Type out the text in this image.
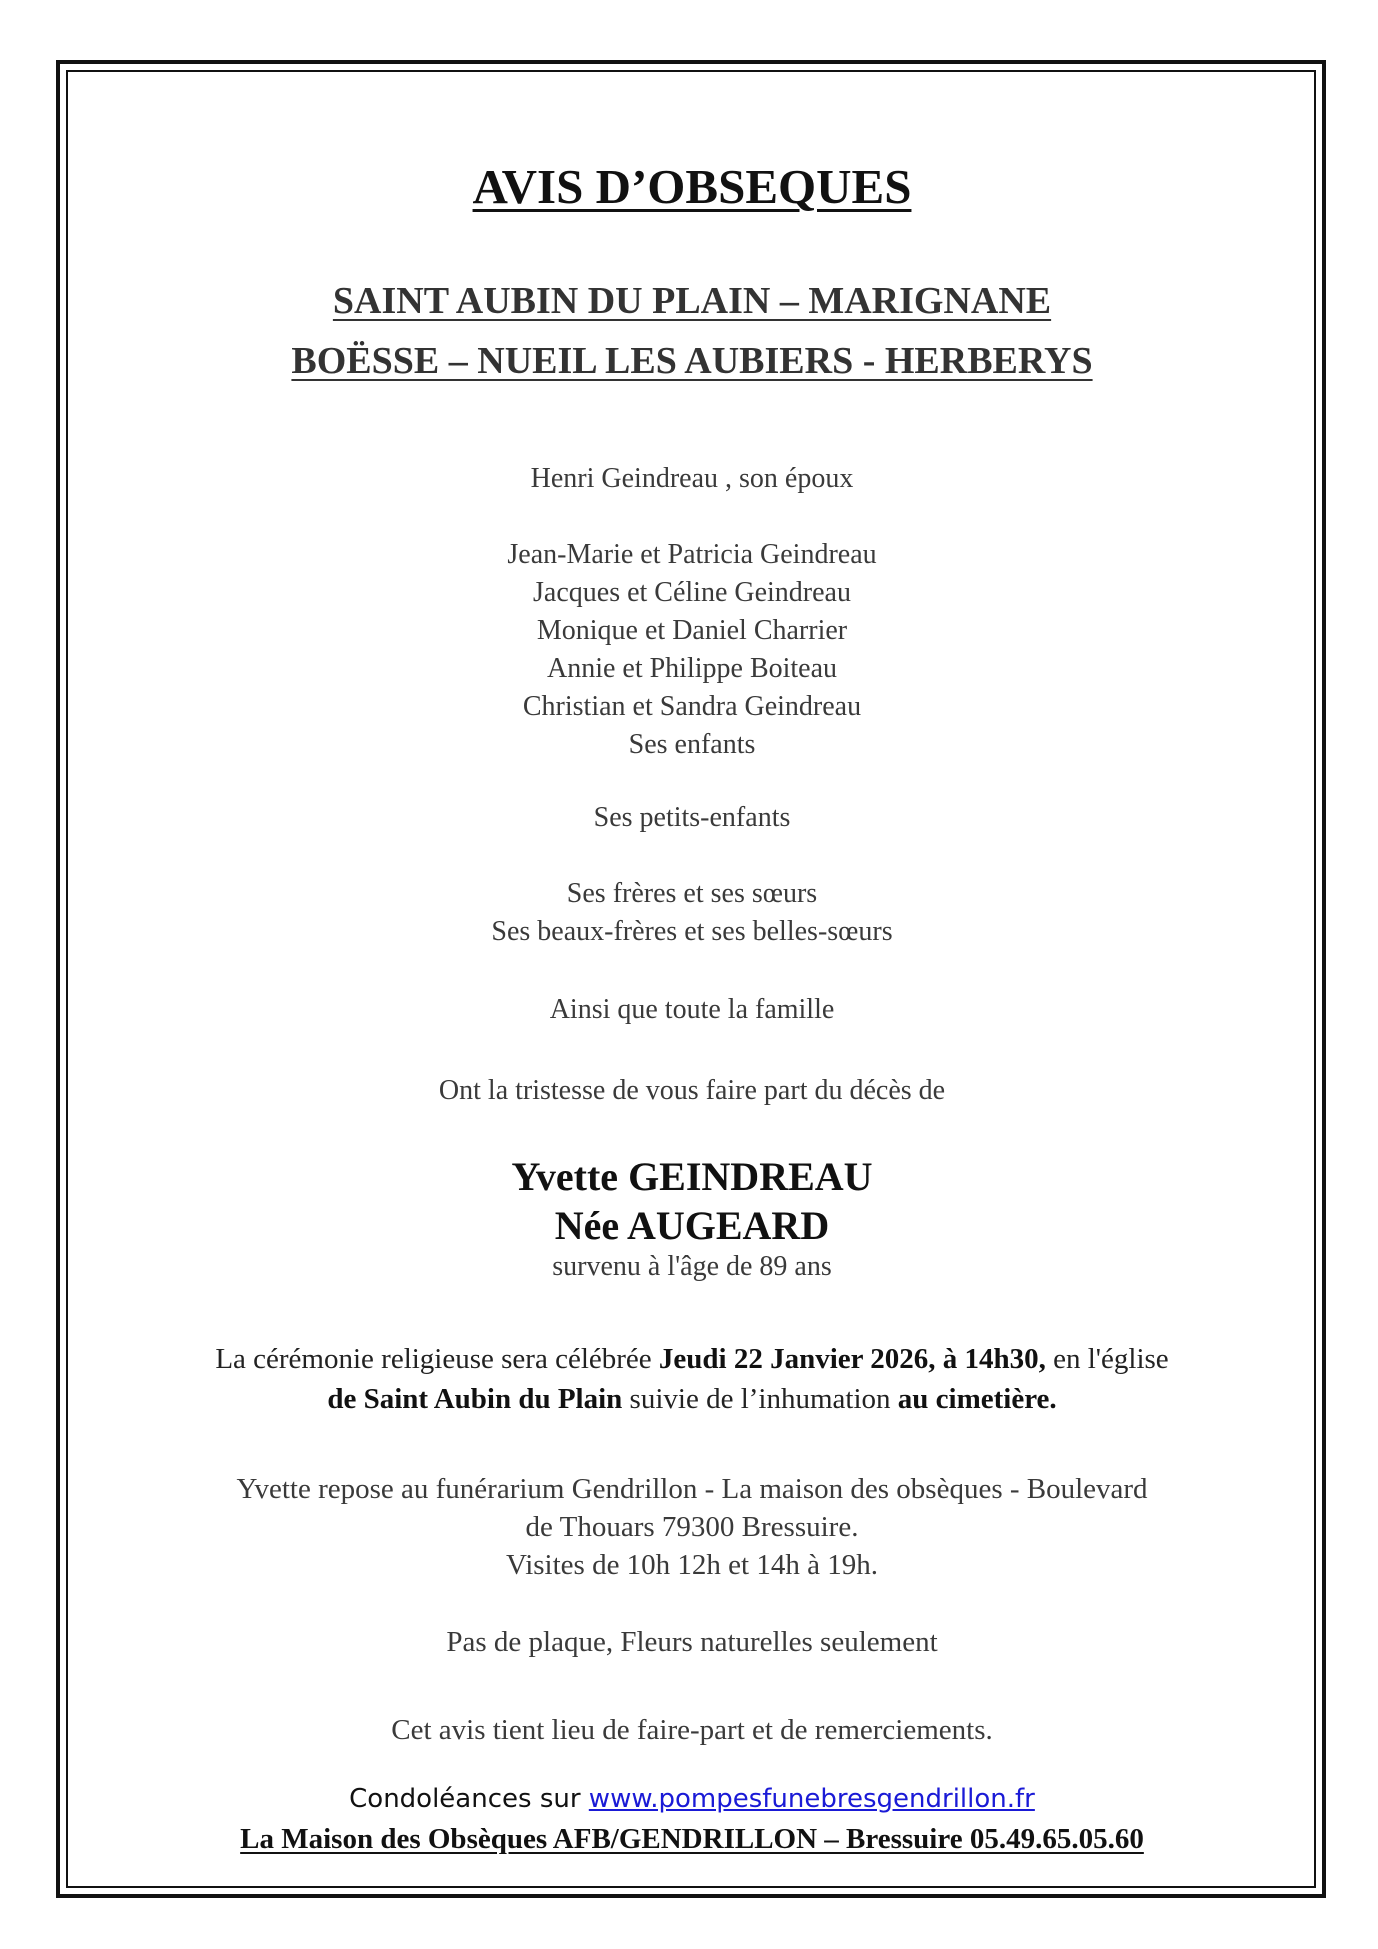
AVIS D’OBSEQUES
SAINT AUBIN DU PLAIN – MARIGNANE
BOËSSE – NUEIL LES AUBIERS - HERBERYS
Henri Geindreau , son époux
Jean-Marie et Patricia Geindreau
Jacques et Céline Geindreau
Monique et Daniel Charrier
Annie et Philippe Boiteau
Christian et Sandra Geindreau
Ses enfants
Ses petits-enfants
Ses frères et ses sœurs
Ses beaux-frères et ses belles-sœurs
Ainsi que toute la famille
Ont la tristesse de vous faire part du décès de
Yvette GEINDREAU
Née AUGEARD
survenu à l'âge de 89 ans
La cérémonie religieuse sera célébrée Jeudi 22 Janvier 2026, à 14h30, en l'église
de Saint Aubin du Plain suivie de l’inhumation au cimetière.
Yvette repose au funérarium Gendrillon - La maison des obsèques - Boulevard
de Thouars 79300 Bressuire.
Visites de 10h 12h et 14h à 19h.
Pas de plaque, Fleurs naturelles seulement
Cet avis tient lieu de faire-part et de remerciements.
Condoléances sur www.pompesfunebresgendrillon.fr
La Maison des Obsèques AFB/GENDRILLON – Bressuire 05.49.65.05.60
